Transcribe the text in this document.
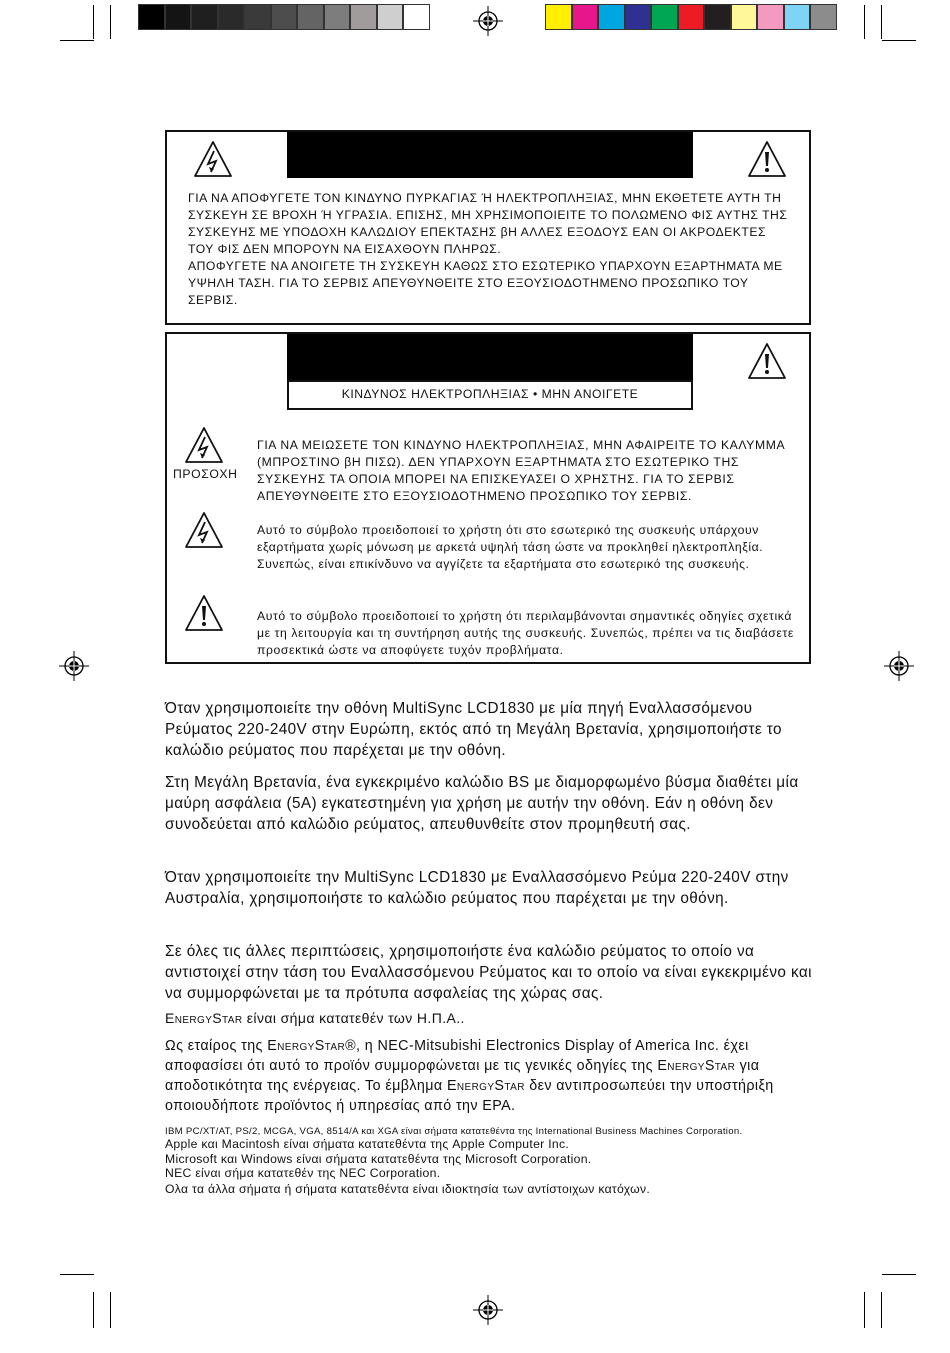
ΓΙΑ ΝΑ ΑΠΟΦΥΓΕΤΕ ΤΟΝ ΚΙΝΔΥΝΟ ΠΥΡΚΑΓΙΑΣ Ή ΗΛΕΚΤΡΟΠΛΗΞΙΑΣ, ΜΗΝ ΕΚΘΕΤΕΤΕ ΑΥΤΗ ΤΗ ΣΥΣΚΕΥΗ ΣΕ ΒΡΟΧΗ Ή ΥΓΡΑΣΙΑ. ΕΠΙΣΗΣ, ΜΗ ΧΡΗΣΙΜΟΠΟΙΕΙΤΕ ΤΟ ΠΟΛΩΜΕΝΟ ΦΙΣ ΑΥΤΗΣ ΤΗΣ ΣΥΣΚΕΥΗΣ ΜΕ ΥΠΟΔΟΧΗ ΚΑΛΩΔΙΟΥ ΕΠΕΚΤΑΣΗΣ βΗ ΑΛΛΕΣ ΕΞΟΔΟΥΣ ΕΑΝ ΟΙ ΑΚΡΟΔΕΚΤΕΣ ΤΟΥ ΦΙΣ ΔΕΝ ΜΠΟΡΟΥΝ ΝΑ ΕΙΣΑΧΘΟΥΝ ΠΛΗΡΩΣ.

ΑΠΟΦΥΓΕΤΕ ΝΑ ΑΝΟΙΓΕΤΕ ΤΗ ΣΥΣΚΕΥΗ ΚΑΘΩΣ ΣΤΟ ΕΣΩΤΕΡΙΚΟ ΥΠΑΡΧΟΥΝ ΕΞΑΡΤΗΜΑΤΑ ΜΕ ΥΨΗΛΗ ΤΑΣΗ. ΓΙΑ ΤΟ ΣΕΡΒΙΣ ΑΠΕΥΘΥΝΘΕΙΤΕ ΣΤΟ ΕΞΟΥΣΙΟΔΟΤΗΜΕΝΟ ΠΡΟΣΩΠΙΚΟ ΤΟΥ ΣΕΡΒΙΣ.

ΚΙΝΔΥΝΟΣ ΗΛΕΚΤΡΟΠΛΗΞΙΑΣ • ΜΗΝ ΑΝΟΙΓΕΤΕ
ΠΡΟΣΟΧΗ
ΓΙΑ ΝΑ ΜΕΙΩΣΕΤΕ ΤΟΝ ΚΙΝΔΥΝΟ ΗΛΕΚΤΡΟΠΛΗΞΙΑΣ, ΜΗΝ ΑΦΑΙΡΕΙΤΕ ΤΟ ΚΑΛΥΜΜΑ (ΜΠΡΟΣΤΙΝΟ βΗ ΠΙΣΩ). ΔΕΝ ΥΠΑΡΧΟΥΝ ΕΞΑΡΤΗΜΑΤΑ ΣΤΟ ΕΣΩΤΕΡΙΚΟ ΤΗΣ ΣΥΣΚΕΥΗΣ ΤΑ ΟΠΟΙΑ ΜΠΟΡΕΙ ΝΑ ΕΠΙΣΚΕΥΑΣΕΙ Ο ΧΡΗΣΤΗΣ. ΓΙΑ ΤΟ ΣΕΡΒΙΣ ΑΠΕΥΘΥΝΘΕΙΤΕ ΣΤΟ ΕΞΟΥΣΙΟΔΟΤΗΜΕΝΟ ΠΡΟΣΩΠΙΚΟ ΤΟΥ ΣΕΡΒΙΣ.
Αυτό το σύμβολο προειδοποιεί το χρήστη ότι στο εσωτερικό της συσκευής υπάρχουν εξαρτήματα χωρίς μόνωση με αρκετά υψηλή τάση ώστε να προκληθεί ηλεκτροπληξία. Συνεπώς, είναι επικίνδυνο να αγγίζετε τα εξαρτήματα στο εσωτερικό της συσκευής.
Αυτό το σύμβολο προειδοποιεί το χρήστη ότι περιλαμβάνονται σημαντικές οδηγίες σχετικά με τη λειτουργία και τη συντήρηση αυτής της συσκευής. Συνεπώς, πρέπει να τις διαβάσετε προσεκτικά ώστε να αποφύγετε τυχόν προβλήματα.

Όταν χρησιμοποιείτε την οθόνη MultiSync LCD1830 με μία πηγή Εναλλασσόμενου Ρεύματος 220-240V στην Ευρώπη, εκτός από τη Μεγάλη Βρετανία, χρησιμοποιήστε το καλώδιο ρεύματος που παρέχεται με την οθόνη.

Στη Μεγάλη Βρετανία, ένα εγκεκριμένο καλώδιο BS με διαμορφωμένο βύσμα διαθέτει μία μαύρη ασφάλεια (5A) εγκατεστημένη για χρήση με αυτήν την οθόνη. Εάν η οθόνη δεν συνοδεύεται από καλώδιο ρεύματος, απευθυνθείτε στον προμηθευτή σας.

Όταν χρησιμοποιείτε την MultiSync LCD1830 με Εναλλασσόμενο Ρεύμα 220-240V στην Αυστραλία, χρησιμοποιήστε το καλώδιο ρεύματος που παρέχεται με την οθόνη.

Σε όλες τις άλλες περιπτώσεις, χρησιμοποιήστε ένα καλώδιο ρεύματος το οποίο να αντιστοιχεί στην τάση του Εναλλασσόμενου Ρεύματος και το οποίο να είναι εγκεκριμένο και να συμμορφώνεται με τα πρότυπα ασφαλείας της χώρας σας.

EnergyStar είναι σήμα κατατεθέν των Η.Π.Α..

Ως εταίρος της EnergyStar®, η NEC-Mitsubishi Electronics Display of America Inc. έχει αποφασίσει ότι αυτό το προϊόν συμμορφώνεται με τις γενικές οδηγίες της EnergyStar για αποδοτικότητα της ενέργειας. Το έμβλημα EnergyStar δεν αντιπροσωπεύει την υποστήριξη οποιουδήποτε προϊόντος ή υπηρεσίας από την EPA.

IBM PC/XT/AT, PS/2, MCGA, VGA, 8514/A και XGA είναι σήματα κατατεθέντα της International Business Machines Corporation.
Apple και Macintosh είναι σήματα κατατεθέντα της Apple Computer Inc.
Microsoft και Windows είναι σήματα κατατεθέντα της Microsoft Corporation.
NEC είναι σήμα κατατεθέν της NEC Corporation.
Ολα τα άλλα σήματα ή σήματα κατατεθέντα είναι ιδιοκτησία των αντίστοιχων κατόχων.
